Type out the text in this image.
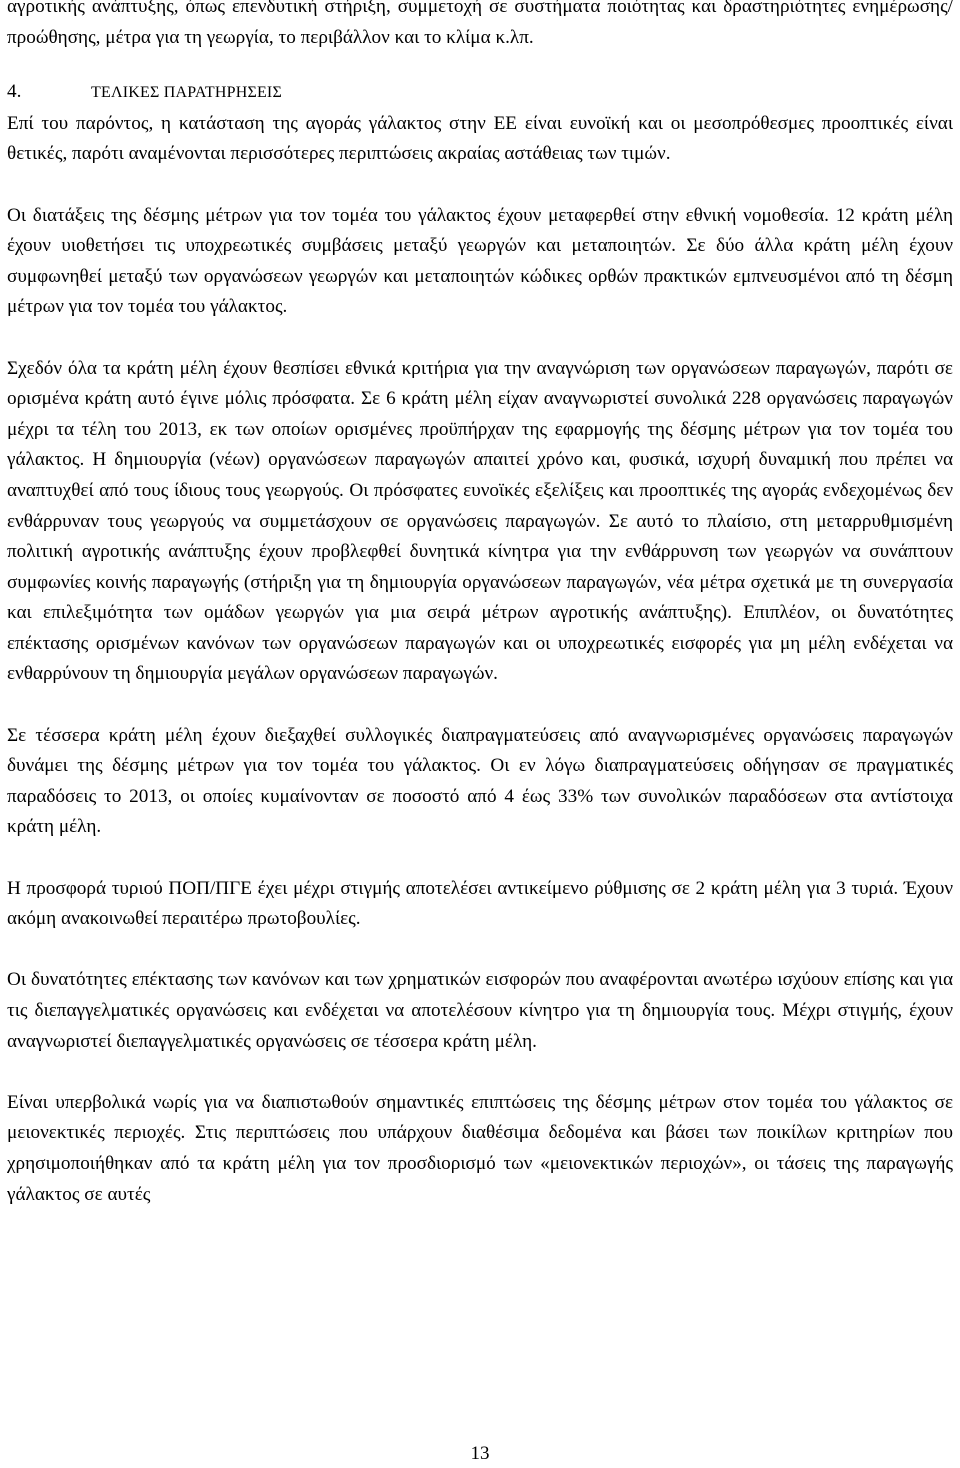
αγροτικής ανάπτυξης, όπως επενδυτική στήριξη, συμμετοχή σε συστήματα ποιότητας και δραστηριότητες ενημέρωσης/προώθησης, μέτρα για τη γεωργία, το περιβάλλον και το κλίμα κ.λπ.

4.	ΤΕΛΙΚΕΣ ΠΑΡΑΤΗΡΗΣΕΙΣ

Επί του παρόντος, η κατάσταση της αγοράς γάλακτος στην ΕΕ είναι ευνοϊκή και οι μεσοπρόθεσμες προοπτικές είναι θετικές, παρότι αναμένονται περισσότερες περιπτώσεις ακραίας αστάθειας των τιμών.

Οι διατάξεις της δέσμης μέτρων για τον τομέα του γάλακτος έχουν μεταφερθεί στην εθνική νομοθεσία. 12 κράτη μέλη έχουν υιοθετήσει τις υποχρεωτικές συμβάσεις μεταξύ γεωργών και μεταποιητών. Σε δύο άλλα κράτη μέλη έχουν συμφωνηθεί μεταξύ των οργανώσεων γεωργών και μεταποιητών κώδικες ορθών πρακτικών εμπνευσμένοι από τη δέσμη μέτρων για τον τομέα του γάλακτος.

Σχεδόν όλα τα κράτη μέλη έχουν θεσπίσει εθνικά κριτήρια για την αναγνώριση των οργανώσεων παραγωγών, παρότι σε ορισμένα κράτη αυτό έγινε μόλις πρόσφατα. Σε 6 κράτη μέλη είχαν αναγνωριστεί συνολικά 228 οργανώσεις παραγωγών μέχρι τα τέλη του 2013, εκ των οποίων ορισμένες προϋπήρχαν της εφαρμογής της δέσμης μέτρων για τον τομέα του γάλακτος. Η δημιουργία (νέων) οργανώσεων παραγωγών απαιτεί χρόνο και, φυσικά, ισχυρή δυναμική που πρέπει να αναπτυχθεί από τους ίδιους τους γεωργούς. Οι πρόσφατες ευνοϊκές εξελίξεις και προοπτικές της αγοράς ενδεχομένως δεν ενθάρρυναν τους γεωργούς να συμμετάσχουν σε οργανώσεις παραγωγών. Σε αυτό το πλαίσιο, στη μεταρρυθμισμένη πολιτική αγροτικής ανάπτυξης έχουν προβλεφθεί δυνητικά κίνητρα για την ενθάρρυνση των γεωργών να συνάπτουν συμφωνίες κοινής παραγωγής (στήριξη για τη δημιουργία οργανώσεων παραγωγών, νέα μέτρα σχετικά με τη συνεργασία και επιλεξιμότητα των ομάδων γεωργών για μια σειρά μέτρων αγροτικής ανάπτυξης). Επιπλέον, οι δυνατότητες επέκτασης ορισμένων κανόνων των οργανώσεων παραγωγών και οι υποχρεωτικές εισφορές για μη μέλη ενδέχεται να ενθαρρύνουν τη δημιουργία μεγάλων οργανώσεων παραγωγών.

Σε τέσσερα κράτη μέλη έχουν διεξαχθεί συλλογικές διαπραγματεύσεις από αναγνωρισμένες οργανώσεις παραγωγών δυνάμει της δέσμης μέτρων για τον τομέα του γάλακτος. Οι εν λόγω διαπραγματεύσεις οδήγησαν σε πραγματικές παραδόσεις το 2013, οι οποίες κυμαίνονταν σε ποσοστό από 4 έως 33% των συνολικών παραδόσεων στα αντίστοιχα κράτη μέλη.

Η προσφορά τυριού ΠΟΠ/ΠΓΕ έχει μέχρι στιγμής αποτελέσει αντικείμενο ρύθμισης σε 2 κράτη μέλη για 3 τυριά. Έχουν ακόμη ανακοινωθεί περαιτέρω πρωτοβουλίες.

Οι δυνατότητες επέκτασης των κανόνων και των χρηματικών εισφορών που αναφέρονται ανωτέρω ισχύουν επίσης και για τις διεπαγγελματικές οργανώσεις και ενδέχεται να αποτελέσουν κίνητρο για τη δημιουργία τους. Μέχρι στιγμής, έχουν αναγνωριστεί διεπαγγελματικές οργανώσεις σε τέσσερα κράτη μέλη.

Είναι υπερβολικά νωρίς για να διαπιστωθούν σημαντικές επιπτώσεις της δέσμης μέτρων στον τομέα του γάλακτος σε μειονεκτικές περιοχές. Στις περιπτώσεις που υπάρχουν διαθέσιμα δεδομένα και βάσει των ποικίλων κριτηρίων που χρησιμοποιήθηκαν από τα κράτη μέλη για τον προσδιορισμό των «μειονεκτικών περιοχών», οι τάσεις της παραγωγής γάλακτος σε αυτές

13
